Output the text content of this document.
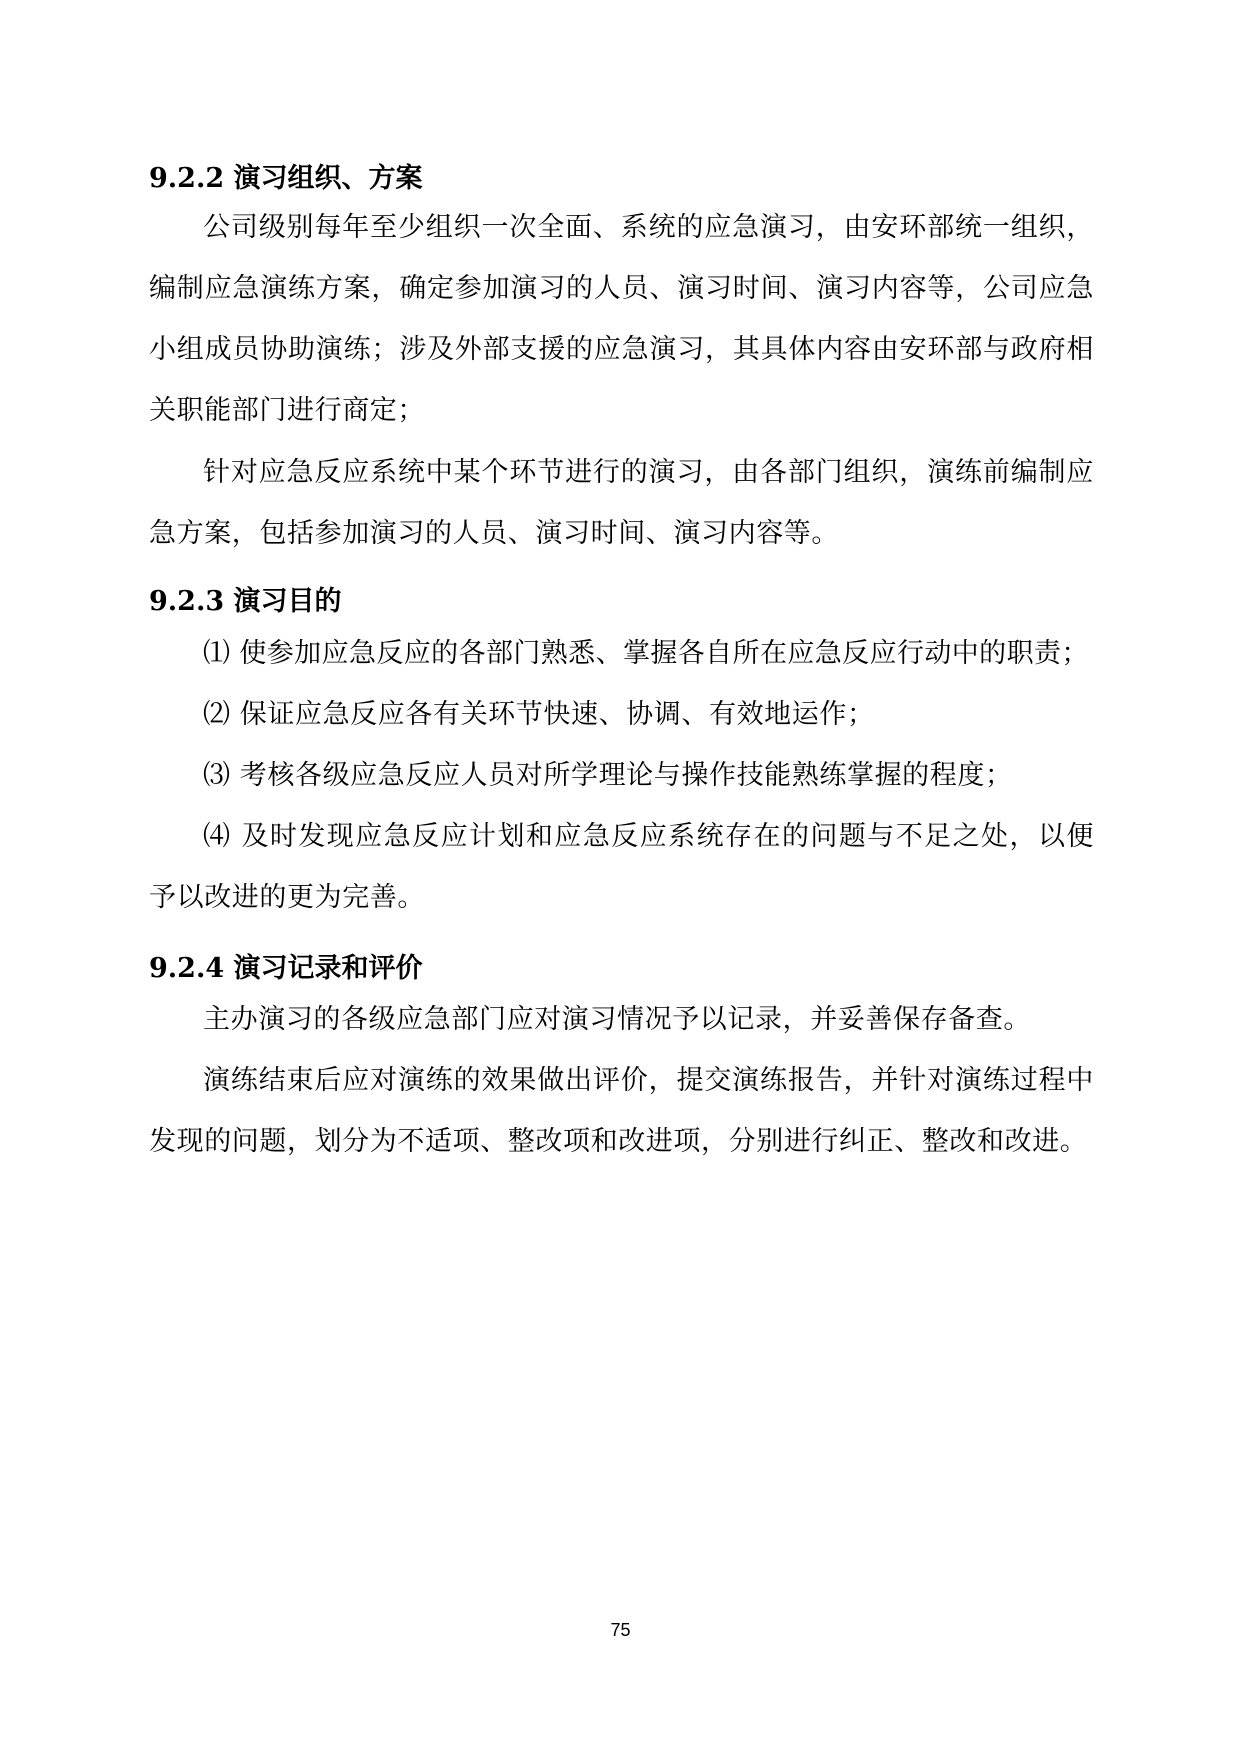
9.2.2 演习组织、方案

公司级别每年至少组织一次全面、系统的应急演习，由安环部统一组织，编制应急演练方案，确定参加演习的人员、演习时间、演习内容等，公司应急小组成员协助演练；涉及外部支援的应急演习，其具体内容由安环部与政府相关职能部门进行商定；

针对应急反应系统中某个环节进行的演习，由各部门组织，演练前编制应急方案，包括参加演习的人员、演习时间、演习内容等。

9.2.3 演习目的

⑴ 使参加应急反应的各部门熟悉、掌握各自所在应急反应行动中的职责；

⑵ 保证应急反应各有关环节快速、协调、有效地运作；

⑶ 考核各级应急反应人员对所学理论与操作技能熟练掌握的程度；

⑷ 及时发现应急反应计划和应急反应系统存在的问题与不足之处，以便予以改进的更为完善。

9.2.4 演习记录和评价

主办演习的各级应急部门应对演习情况予以记录，并妥善保存备查。

演练结束后应对演练的效果做出评价，提交演练报告，并针对演练过程中发现的问题，划分为不适项、整改项和改进项，分别进行纠正、整改和改进。

75
